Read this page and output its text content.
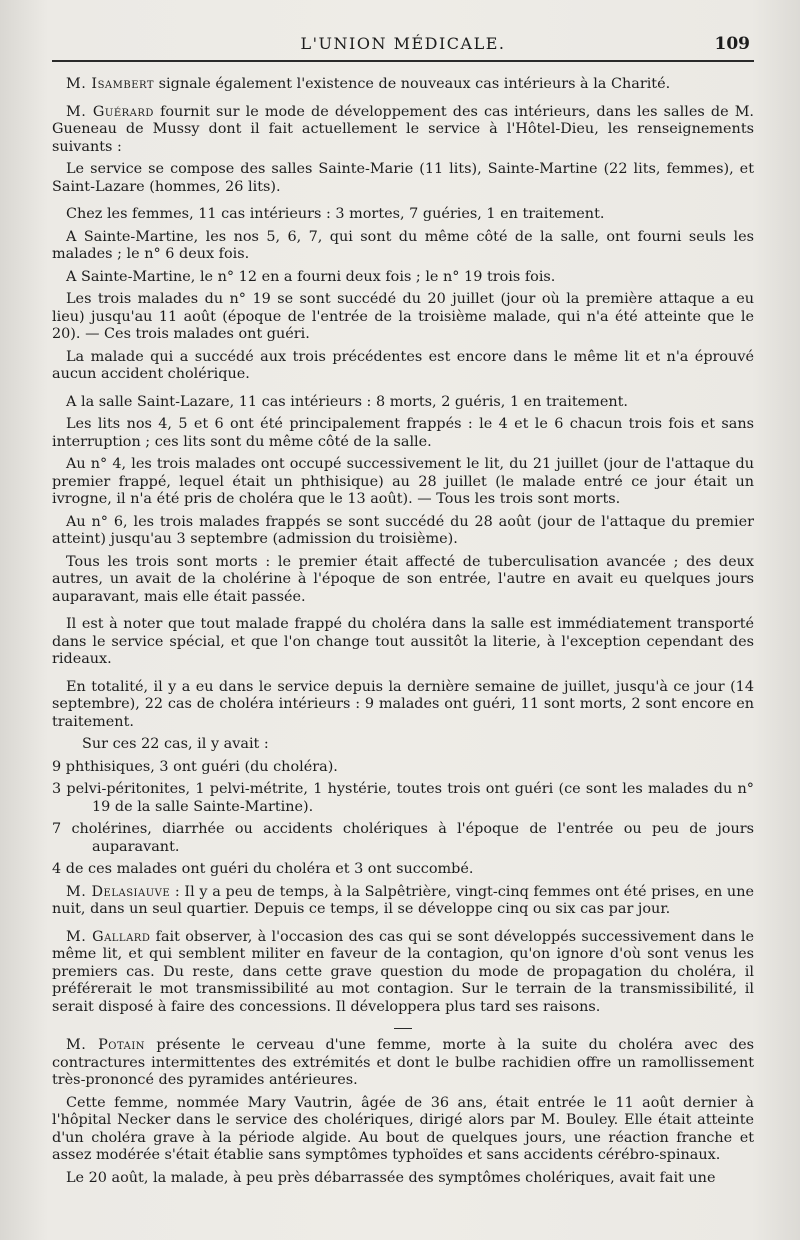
L'UNION MÉDICALE.	109

M. Isambert signale également l'existence de nouveaux cas intérieurs à la Charité.

M. Guérard fournit sur le mode de développement des cas intérieurs, dans les salles de M. Gueneau de Mussy dont il fait actuellement le service à l'Hôtel-Dieu, les renseignements suivants :

Le service se compose des salles Sainte-Marie (11 lits), Sainte-Martine (22 lits, femmes), et Saint-Lazare (hommes, 26 lits).

Chez les femmes, 11 cas intérieurs : 3 mortes, 7 guéries, 1 en traitement.

A Sainte-Martine, les nos 5, 6, 7, qui sont du même côté de la salle, ont fourni seuls les malades ; le n° 6 deux fois.

A Sainte-Martine, le n° 12 en a fourni deux fois ; le n° 19 trois fois.

Les trois malades du n° 19 se sont succédé du 20 juillet (jour où la première attaque a eu lieu) jusqu'au 11 août (époque de l'entrée de la troisième malade, qui n'a été atteinte que le 20). — Ces trois malades ont guéri.

La malade qui a succédé aux trois précédentes est encore dans le même lit et n'a éprouvé aucun accident cholérique.

A la salle Saint-Lazare, 11 cas intérieurs : 8 morts, 2 guéris, 1 en traitement.

Les lits nos 4, 5 et 6 ont été principalement frappés : le 4 et le 6 chacun trois fois et sans interruption ; ces lits sont du même côté de la salle.

Au n° 4, les trois malades ont occupé successivement le lit, du 21 juillet (jour de l'attaque du premier frappé, lequel était un phthisique) au 28 juillet (le malade entré ce jour était un ivrogne, il n'a été pris de choléra que le 13 août). — Tous les trois sont morts.

Au n° 6, les trois malades frappés se sont succédé du 28 août (jour de l'attaque du premier atteint) jusqu'au 3 septembre (admission du troisième).

Tous les trois sont morts : le premier était affecté de tuberculisation avancée ; des deux autres, un avait de la cholérine à l'époque de son entrée, l'autre en avait eu quelques jours auparavant, mais elle était passée.

Il est à noter que tout malade frappé du choléra dans la salle est immédiatement transporté dans le service spécial, et que l'on change tout aussitôt la literie, à l'exception cependant des rideaux.

En totalité, il y a eu dans le service depuis la dernière semaine de juillet, jusqu'à ce jour (14 septembre), 22 cas de choléra intérieurs : 9 malades ont guéri, 11 sont morts, 2 sont encore en traitement.

Sur ces 22 cas, il y avait :

9 phthisiques, 3 ont guéri (du choléra).

3 pelvi-péritonites, 1 pelvi-métrite, 1 hystérie, toutes trois ont guéri (ce sont les malades du n° 19 de la salle Sainte-Martine).

7 cholérines, diarrhée ou accidents cholériques à l'époque de l'entrée ou peu de jours auparavant.

4 de ces malades ont guéri du choléra et 3 ont succombé.

M. Delasiauve : Il y a peu de temps, à la Salpêtrière, vingt-cinq femmes ont été prises, en une nuit, dans un seul quartier. Depuis ce temps, il se développe cinq ou six cas par jour.

M. Gallard fait observer, à l'occasion des cas qui se sont développés successivement dans le même lit, et qui semblent militer en faveur de la contagion, qu'on ignore d'où sont venus les premiers cas. Du reste, dans cette grave question du mode de propagation du choléra, il préférerait le mot transmissibilité au mot contagion. Sur le terrain de la transmissibilité, il serait disposé à faire des concessions. Il développera plus tard ses raisons.

M. Potain présente le cerveau d'une femme, morte à la suite du choléra avec des contractures intermittentes des extrémités et dont le bulbe rachidien offre un ramollissement très-prononcé des pyramides antérieures.

Cette femme, nommée Mary Vautrin, âgée de 36 ans, était entrée le 11 août dernier à l'hôpital Necker dans le service des cholériques, dirigé alors par M. Bouley. Elle était atteinte d'un choléra grave à la période algide. Au bout de quelques jours, une réaction franche et assez modérée s'était établie sans symptômes typhoïdes et sans accidents cérébro-spinaux.

Le 20 août, la malade, à peu près débarrassée des symptômes cholériques, avait fait une
